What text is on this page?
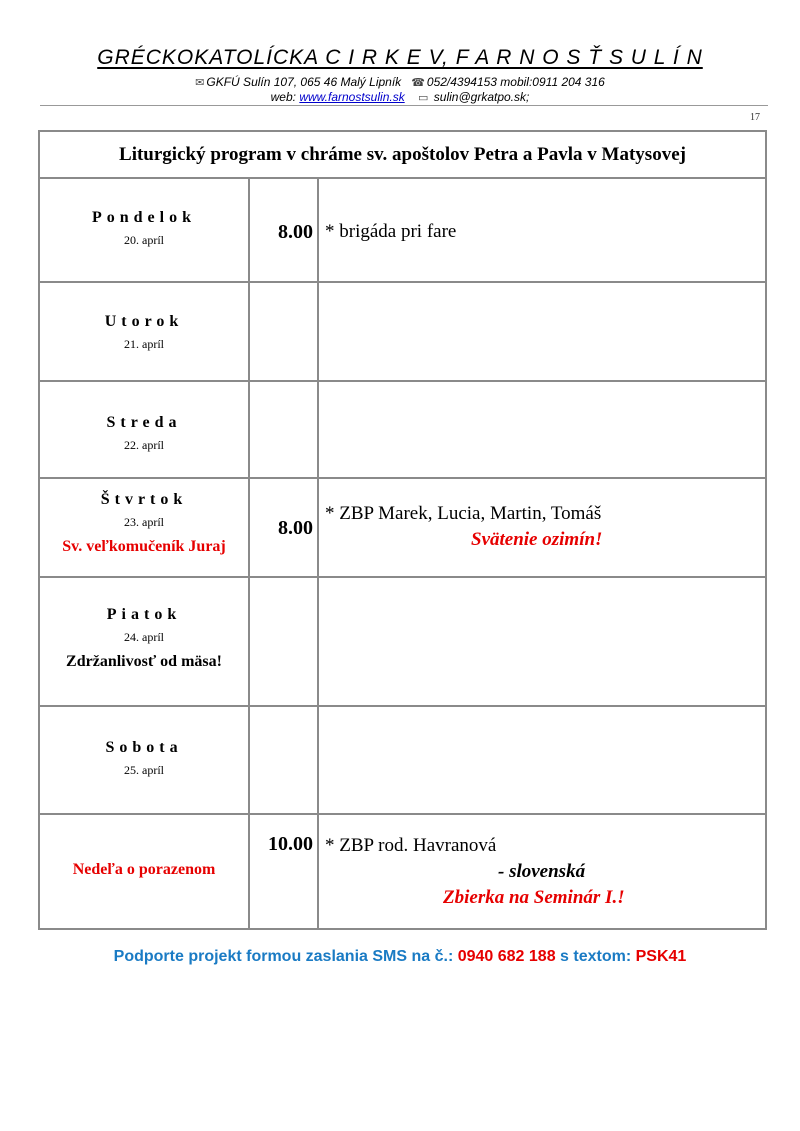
GRÉCKOKATOLÍCKA C I R K E V, F A R N O S Ť S U L Í N
✉ GKFÚ Sulín 107, 065 46 Malý Lipník ☎ 052/4394153 mobil:0911 204 316
web: www.farnostsulin.sk ▭ sulin@grkatpo.sk;
17
Liturgický program v chráme sv. apoštolov Petra a Pavla v Matysovej
Pondelok
20. apríl	8.00 * brigáda pri fare
Utorok
21. apríl
Streda
22. apríl
Štvrtok
23. apríl
Sv. veľkomučeník Juraj
8.00
* ZBP Marek, Lucia, Martin, Tomáš
Svätenie ozimín!
Piatok
24. apríl
Zdržanlivosť od mäsa!
Sobota
25. apríl
Nedeľa o porazenom
10.00 * ZBP rod. Havranová
- slovenská
Zbierka na Seminár I.!
Podporte projekt formou zaslania SMS na č.: 0940 682 188 s textom: PSK41
